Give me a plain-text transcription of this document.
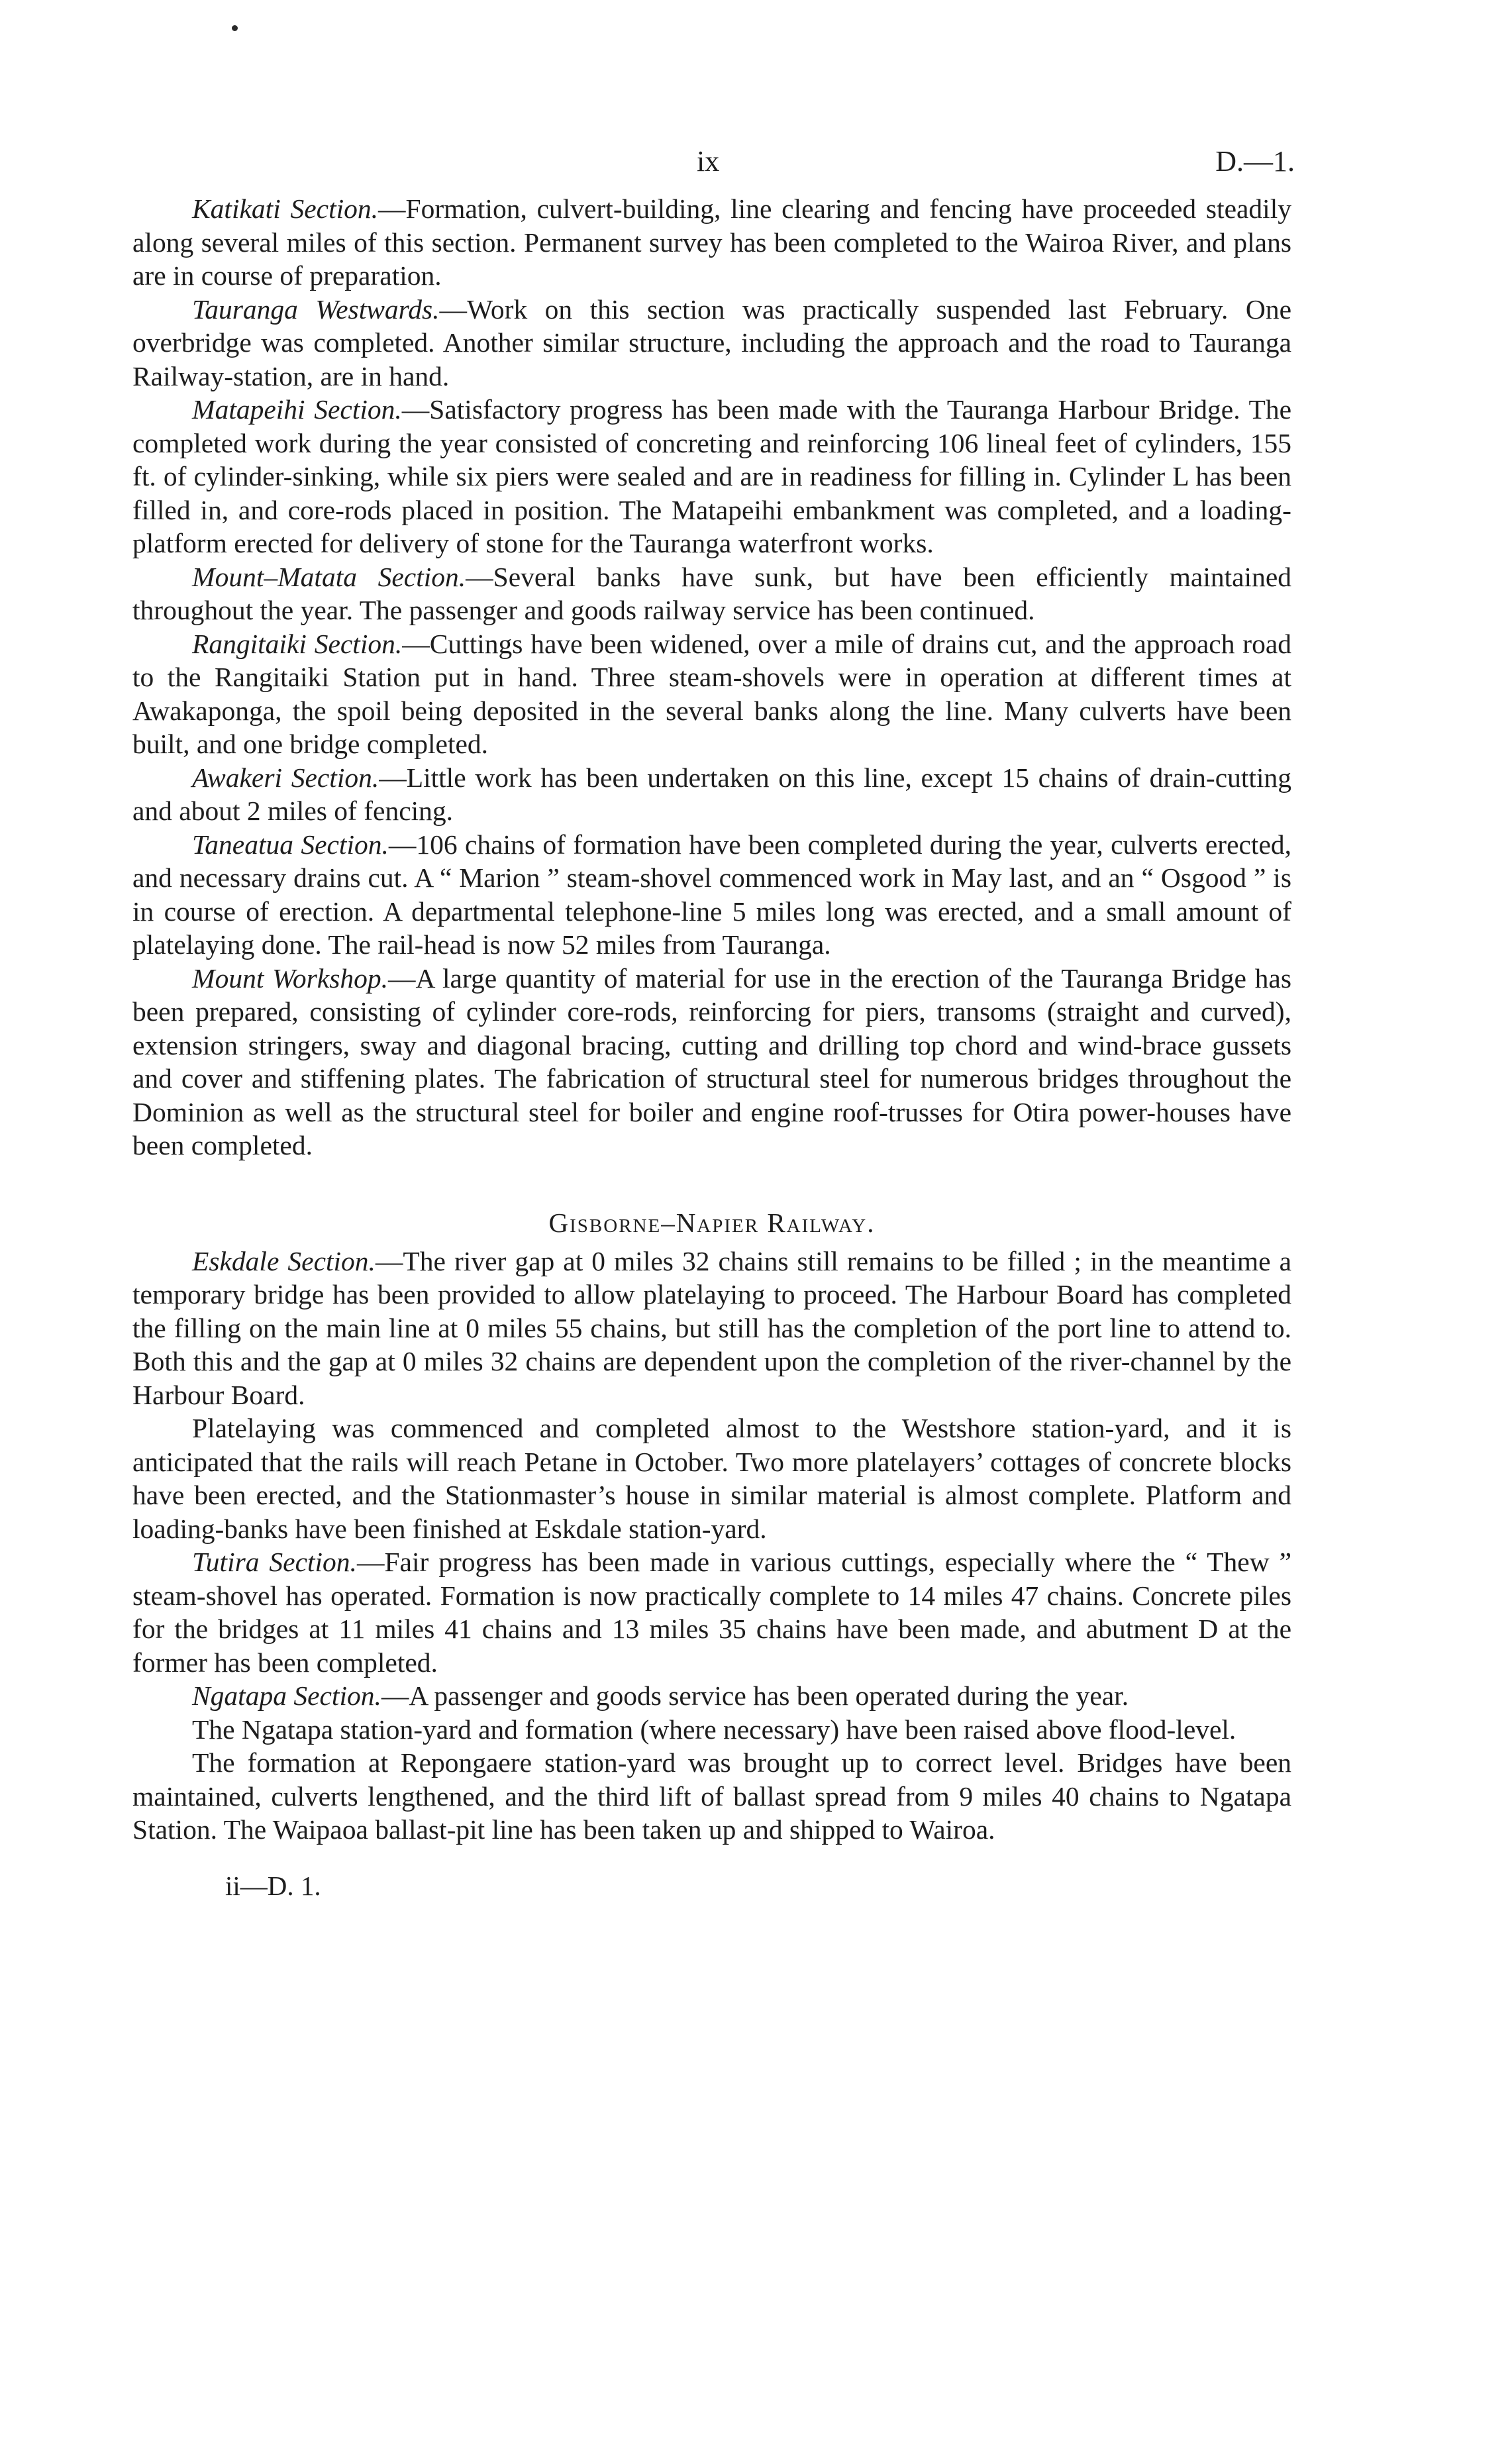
ix	D.—1.

Katikati Section.—Formation, culvert-building, line clearing and fencing have proceeded steadily along several miles of this section. Permanent survey has been completed to the Wairoa River, and plans are in course of preparation.

Tauranga Westwards.—Work on this section was practically suspended last February. One overbridge was completed. Another similar structure, including the approach and the road to Tauranga Railway-station, are in hand.

Matapeihi Section.—Satisfactory progress has been made with the Tauranga Harbour Bridge. The completed work during the year consisted of concreting and reinforcing 106 lineal feet of cylinders, 155 ft. of cylinder-sinking, while six piers were sealed and are in readiness for filling in. Cylinder L has been filled in, and core-rods placed in position. The Matapeihi embankment was completed, and a loading-platform erected for delivery of stone for the Tauranga waterfront works.

Mount–Matata Section.—Several banks have sunk, but have been efficiently maintained throughout the year. The passenger and goods railway service has been continued.

Rangitaiki Section.—Cuttings have been widened, over a mile of drains cut, and the approach road to the Rangitaiki Station put in hand. Three steam-shovels were in operation at different times at Awakaponga, the spoil being deposited in the several banks along the line. Many culverts have been built, and one bridge completed.

Awakeri Section.—Little work has been undertaken on this line, except 15 chains of drain-cutting and about 2 miles of fencing.

Taneatua Section.—106 chains of formation have been completed during the year, culverts erected, and necessary drains cut. A “ Marion ” steam-shovel commenced work in May last, and an “ Osgood ” is in course of erection. A departmental telephone-line 5 miles long was erected, and a small amount of platelaying done. The rail-head is now 52 miles from Tauranga.

Mount Workshop.—A large quantity of material for use in the erection of the Tauranga Bridge has been prepared, consisting of cylinder core-rods, reinforcing for piers, transoms (straight and curved), extension stringers, sway and diagonal bracing, cutting and drilling top chord and wind-brace gussets and cover and stiffening plates. The fabrication of structural steel for numerous bridges throughout the Dominion as well as the structural steel for boiler and engine roof-trusses for Otira power-houses have been completed.

Gisborne–Napier Railway.

Eskdale Section.—The river gap at 0 miles 32 chains still remains to be filled ; in the meantime a temporary bridge has been provided to allow platelaying to proceed. The Harbour Board has completed the filling on the main line at 0 miles 55 chains, but still has the completion of the port line to attend to. Both this and the gap at 0 miles 32 chains are dependent upon the completion of the river-channel by the Harbour Board.

Platelaying was commenced and completed almost to the Westshore station-yard, and it is anticipated that the rails will reach Petane in October. Two more platelayers’ cottages of concrete blocks have been erected, and the Stationmaster’s house in similar material is almost complete. Platform and loading-banks have been finished at Eskdale station-yard.

Tutira Section.—Fair progress has been made in various cuttings, especially where the “ Thew ” steam-shovel has operated. Formation is now practically complete to 14 miles 47 chains. Concrete piles for the bridges at 11 miles 41 chains and 13 miles 35 chains have been made, and abutment D at the former has been completed.

Ngatapa Section.—A passenger and goods service has been operated during the year.

The Ngatapa station-yard and formation (where necessary) have been raised above flood-level.

The formation at Repongaere station-yard was brought up to correct level. Bridges have been maintained, culverts lengthened, and the third lift of ballast spread from 9 miles 40 chains to Ngatapa Station. The Waipaoa ballast-pit line has been taken up and shipped to Wairoa.

ii—D. 1.
